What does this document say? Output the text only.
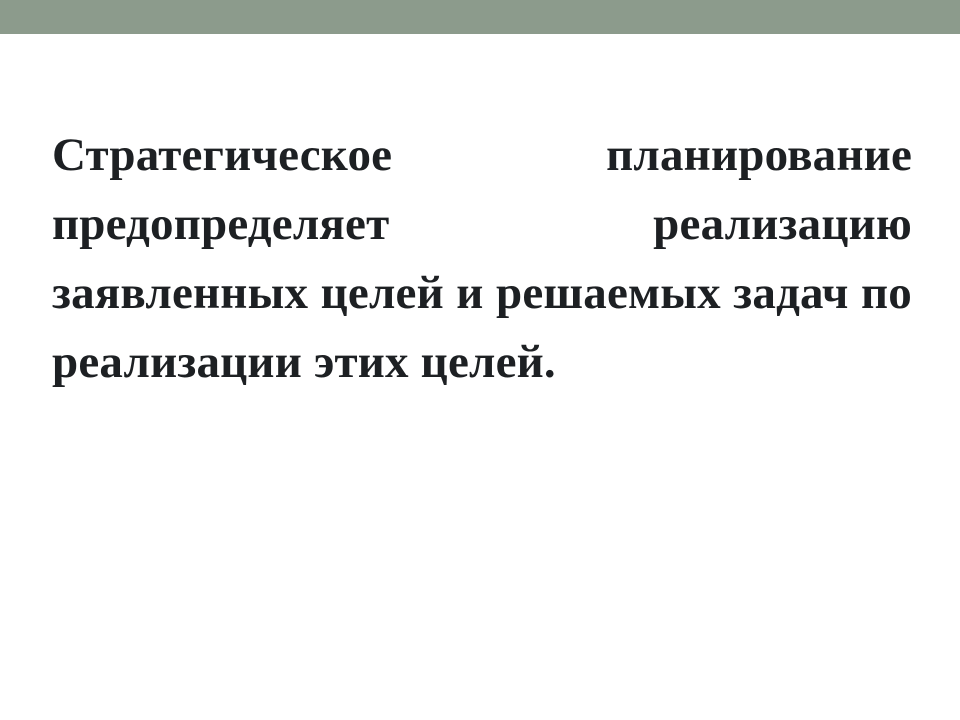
Стратегическое планирование предопределяет реализацию заявленных целей и решаемых задач по реализации этих целей.
